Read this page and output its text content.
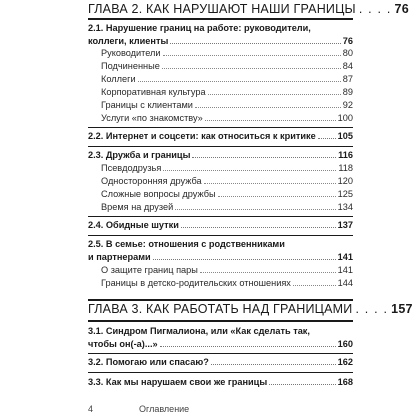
ГЛАВА 2. КАК НАРУШАЮТ НАШИ ГРАНИЦЫ . . . . 76
2.1. Нарушение границ на работе: руководители,
коллеги, клиенты	76
Руководители	80
Подчиненные	84
Коллеги	87
Корпоративная культура	89
Границы с клиентами	92
Услуги «по знакомству»	100
2.2. Интернет и соцсети: как относиться к критике 105
2.3. Дружба и границы	116
Псевдодрузья	118
Односторонняя дружба	120
Сложные вопросы дружбы	125
Время на друзей	134
2.4. Обидные шутки	137
2.5. В семье: отношения с родственниками
и партнерами	141
О защите границ пары	141
Границы в детско-родительских отношениях	144
ГЛАВА 3. КАК РАБОТАТЬ НАД ГРАНИЦАМИ . . . . 157
3.1. Синдром Пигмалиона, или «Как сделать так,
чтобы он(-а)...»	160
3.2. Помогаю или спасаю?	162
3.3. Как мы нарушаем свои же границы	168
4	Оглавление
